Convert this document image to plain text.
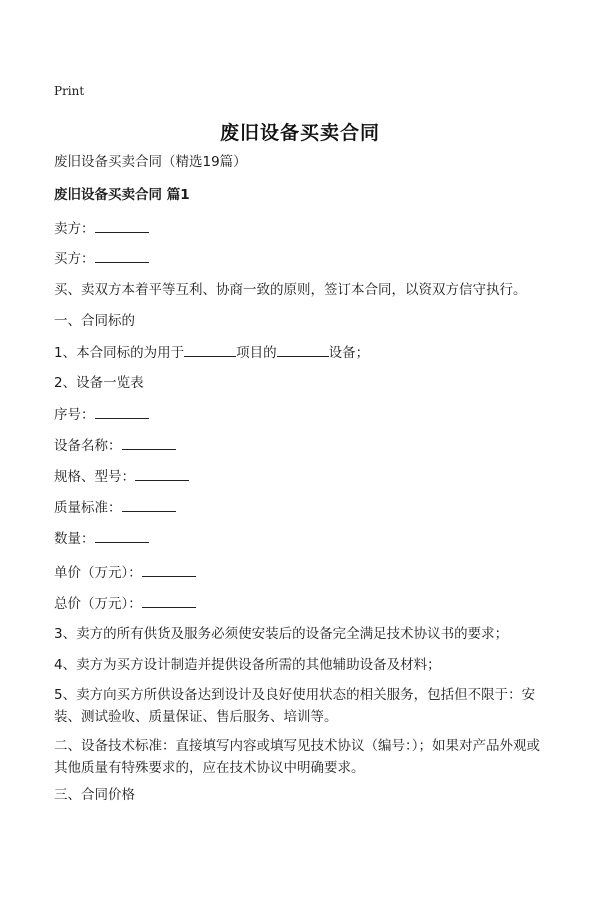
Print
废旧设备买卖合同
废旧设备买卖合同（精选19篇）
废旧设备买卖合同 篇1
卖方：
买方：
买、卖双方本着平等互利、协商一致的原则，签订本合同，以资双方信守执行。
一、合同标的
1、本合同标的为用于	项目的	设备；
2、设备一览表
序号：
设备名称：
规格、型号：
质量标准：
数量：
单价（万元）：
总价（万元）：
3、卖方的所有供货及服务必须使安装后的设备完全满足技术协议书的要求；
4、卖方为买方设计制造并提供设备所需的其他辅助设备及材料；
5、卖方向买方所供设备达到设计及良好使用状态的相关服务，包括但不限于：安装、测试验收、质量保证、售后服务、培训等。
二、设备技术标准：直接填写内容或填写见技术协议（编号：）；如果对产品外观或其他质量有特殊要求的，应在技术协议中明确要求。
三、合同价格
